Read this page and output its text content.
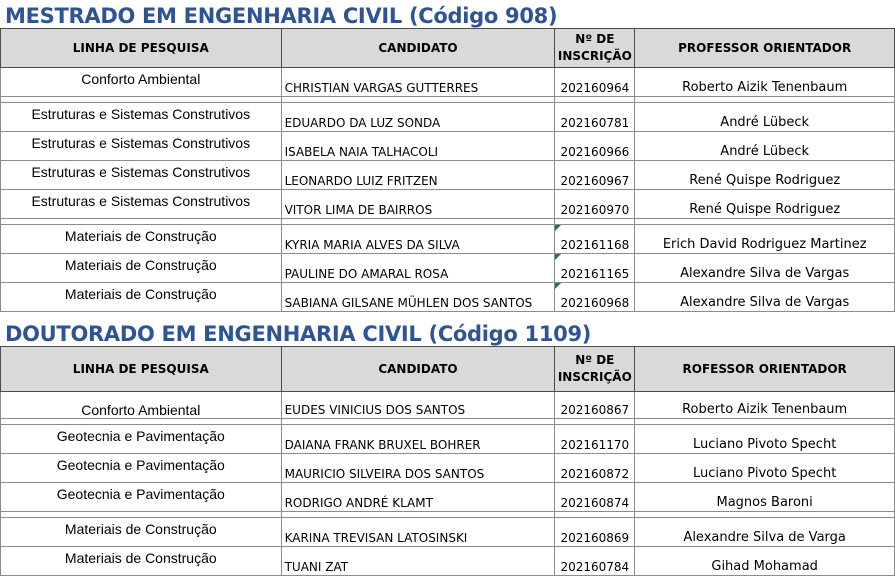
MESTRADO EM ENGENHARIA CIVIL (Código 908)
LINHA DE PESQUISA	CANDIDATO	Nº DE INSCRIÇÃO	PROFESSOR ORIENTADOR
Conforto Ambiental	CHRISTIAN VARGAS GUTTERRES	202160964	Roberto Aizik Tenenbaum

Estruturas e Sistemas Construtivos	EDUARDO DA LUZ SONDA	202160781	André Lübeck
Estruturas e Sistemas Construtivos	ISABELA NAIA TALHACOLI	202160966	André Lübeck
Estruturas e Sistemas Construtivos	LEONARDO LUIZ FRITZEN	202160967	René Quispe Rodriguez
Estruturas e Sistemas Construtivos	VITOR LIMA DE BAIRROS	202160970	René Quispe Rodriguez

Materiais de Construção	KYRIA MARIA ALVES DA SILVA	202161168	Erich David Rodriguez Martinez
Materiais de Construção	PAULINE DO AMARAL ROSA	202161165	Alexandre Silva de Vargas
Materiais de Construção	SABIANA GILSANE MÜHLEN DOS SANTOS	202160968	Alexandre Silva de Vargas
DOUTORADO EM ENGENHARIA CIVIL (Código 1109)
LINHA DE PESQUISA	CANDIDATO	Nº DE INSCRIÇÃO	ROFESSOR ORIENTADOR
Conforto Ambiental	EUDES VINICIUS DOS SANTOS	202160867	Roberto Aizik Tenenbaum

Geotecnia e Pavimentação	DAIANA FRANK BRUXEL BOHRER	202161170	Luciano Pivoto Specht
Geotecnia e Pavimentação	MAURICIO SILVEIRA DOS SANTOS	202160872	Luciano Pivoto Specht
Geotecnia e Pavimentação	RODRIGO ANDRÉ KLAMT	202160874	Magnos Baroni

Materiais de Construção	KARINA TREVISAN LATOSINSKI	202160869	Alexandre Silva de Varga
Materiais de Construção	TUANI ZAT	202160784	Gihad Mohamad
